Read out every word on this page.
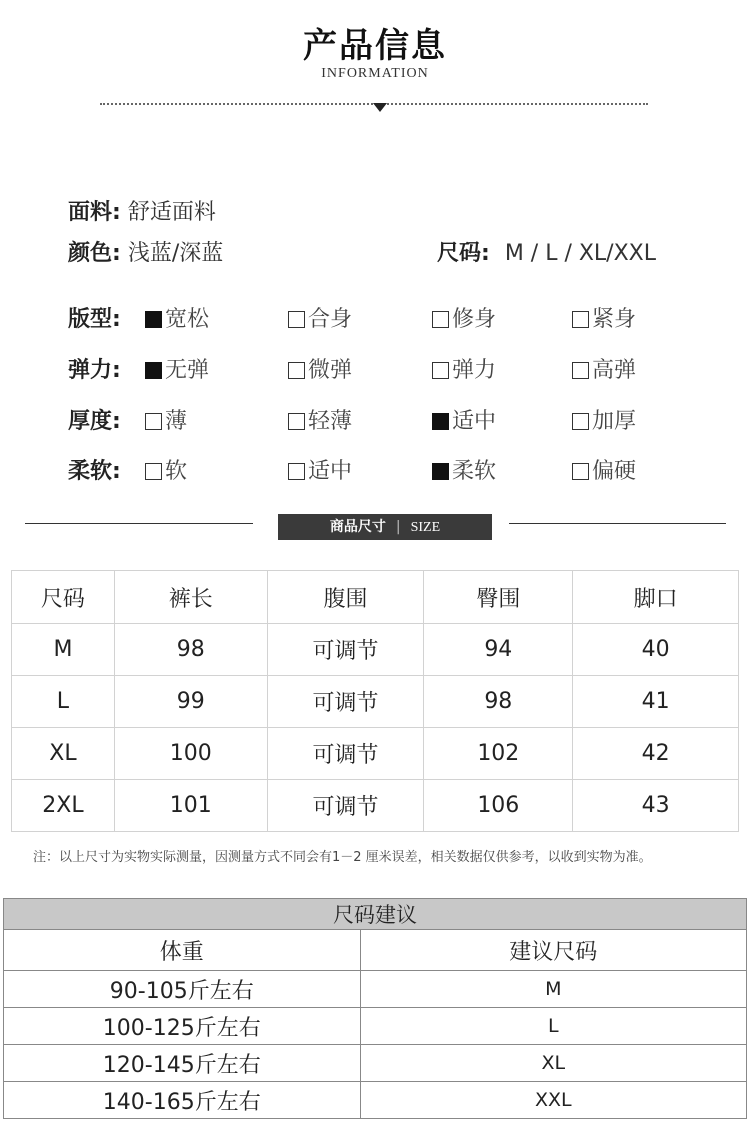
产品信息
INFORMATION
面料: 舒适面料
颜色: 浅蓝/深蓝	尺码: M / L / XL/XXL
版型:	宽松	合身	修身	紧身
弹力:	无弹	微弹	弹力	高弹
厚度:	薄	轻薄	适中	加厚
柔软:	软	适中	柔软	偏硬
商品尺寸 | SIZE
尺码	裤长	腹围	臀围	脚口
M	98	可调节	94	40
L	99	可调节	98	41
XL	100	可调节	102	42
2XL	101	可调节	106	43
注：以上尺寸为实物实际测量，因测量方式不同会有1－2 厘米误差，相关数据仅供参考，以收到实物为准。
尺码建议	
体重	建议尺码
90-105斤左右	M
100-125斤左右	L
120-145斤左右	XL
140-165斤左右	XXL
